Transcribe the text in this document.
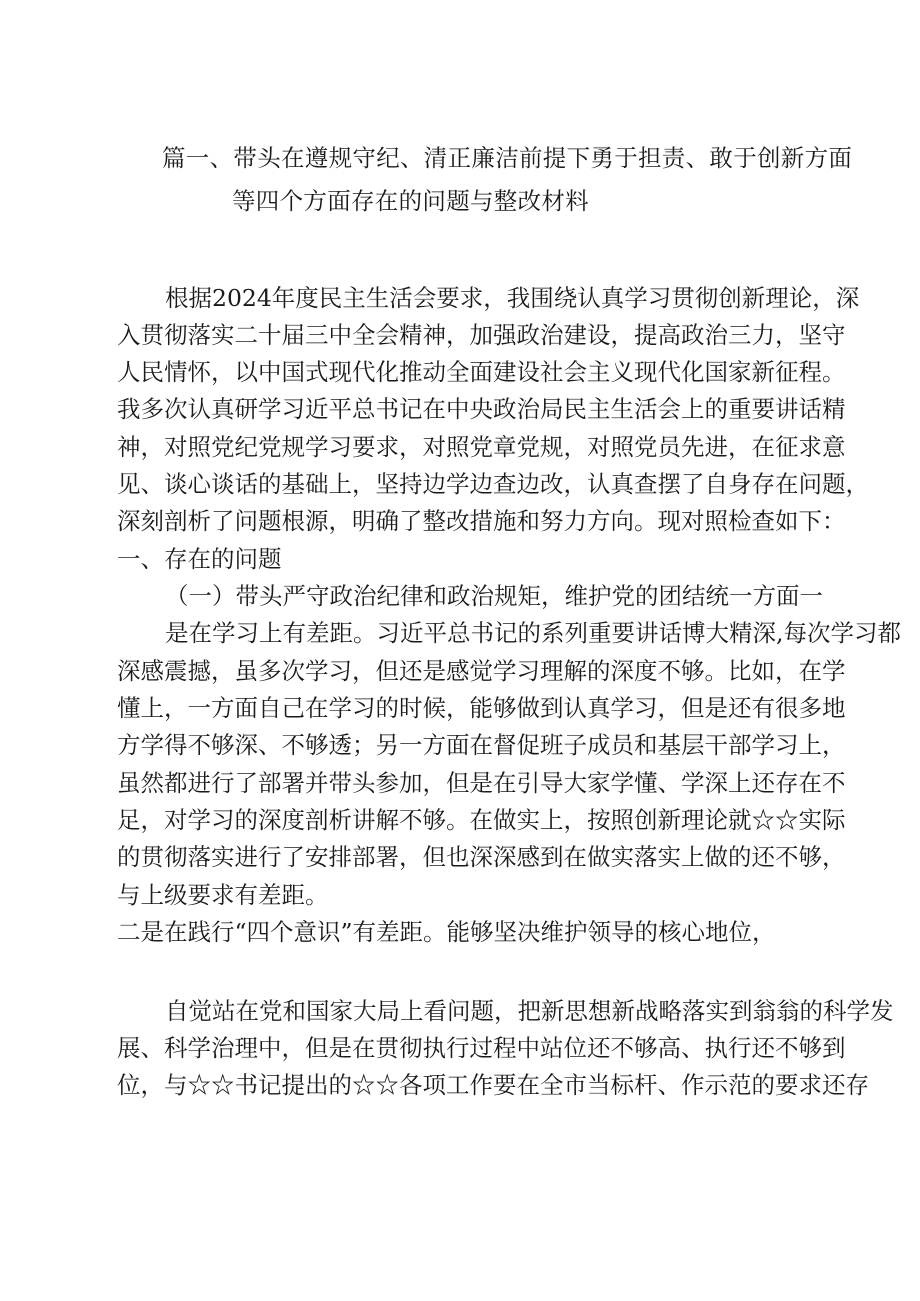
篇一、带头在遵规守纪、清正廉洁前提下勇于担责、敢于创新方面
等四个方面存在的问题与整改材料
根据2024年度民主生活会要求，我围绕认真学习贯彻创新理论，深
入贯彻落实二十届三中全会精神，加强政治建设，提高政治三力，坚守
人民情怀，以中国式现代化推动全面建设社会主义现代化国家新征程。
我多次认真研学习近平总书记在中央政治局民主生活会上的重要讲话精
神，对照党纪党规学习要求，对照党章党规，对照党员先进，在征求意
见、谈心谈话的基础上，坚持边学边查边改，认真查摆了自身存在问题，
深刻剖析了问题根源，明确了整改措施和努力方向。现对照检查如下：
一、存在的问题
（一）带头严守政治纪律和政治规矩，维护党的团结统一方面一
是在学习上有差距。习近平总书记的系列重要讲话博大精深,每次学习都
深感震撼，虽多次学习，但还是感觉学习理解的深度不够。比如，在学
懂上，一方面自己在学习的时候，能够做到认真学习，但是还有很多地
方学得不够深、不够透；另一方面在督促班子成员和基层干部学习上，
虽然都进行了部署并带头参加，但是在引导大家学懂、学深上还存在不
足，对学习的深度剖析讲解不够。在做实上，按照创新理论就☆☆实际
的贯彻落实进行了安排部署，但也深深感到在做实落实上做的还不够，
与上级要求有差距。
二是在践行“四个意识”有差距。能够坚决维护领导的核心地位，
自觉站在党和国家大局上看问题，把新思想新战略落实到翁翁的科学发
展、科学治理中，但是在贯彻执行过程中站位还不够高、执行还不够到
位，与☆☆书记提出的☆☆各项工作要在全市当标杆、作示范的要求还存
